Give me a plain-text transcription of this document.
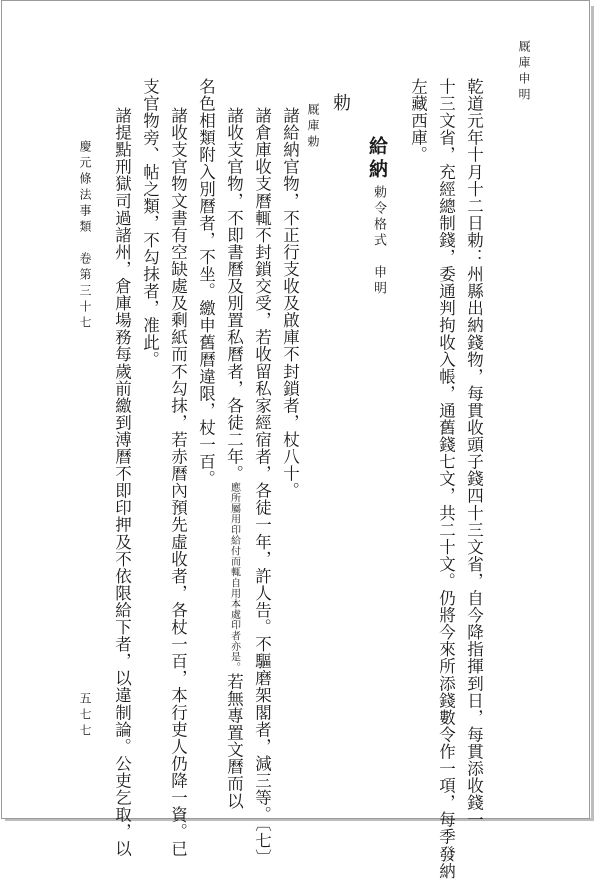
厩庫申明
乾道元年十月十二日勅：州縣出納錢物，每貫收頭子錢四十三文省，自今降指揮到日，每貫添收錢一
十三文省，充經總制錢，委通判拘收入帳，通舊錢七文，共二十文。仍將今來所添錢數令作一項，每季發納
左藏西庫。
給納
勅令格式　申明
勅
厩庫勅
諸給納官物，不正行支收及啟庫不封鎖者，杖八十。
諸倉庫收支曆輒不封鎖交受，若收留私家經宿者，各徒一年，許人告。不驅磨架閣者，減三等。〔七〕
諸收支官物，不即書曆及別置私曆者，各徒二年。應所屬用印給付而輒自用本處印者亦是。若無專置文曆而以
名色相類附入別曆者，不坐。繳申舊曆違限，杖一百。
諸收支官物文書有空缺處及剩紙而不勾抹，若赤曆內預先虛收者，各杖一百，本行吏人仍降一資。已
支官物旁、帖之類，不勾抹者，准此。
諸提點刑獄司過諸州，倉庫場務每歲前繳到溥曆不即印押及不依限給下者，以違制論。公吏乞取，以
慶元條法事類　卷第三十七
五七七
